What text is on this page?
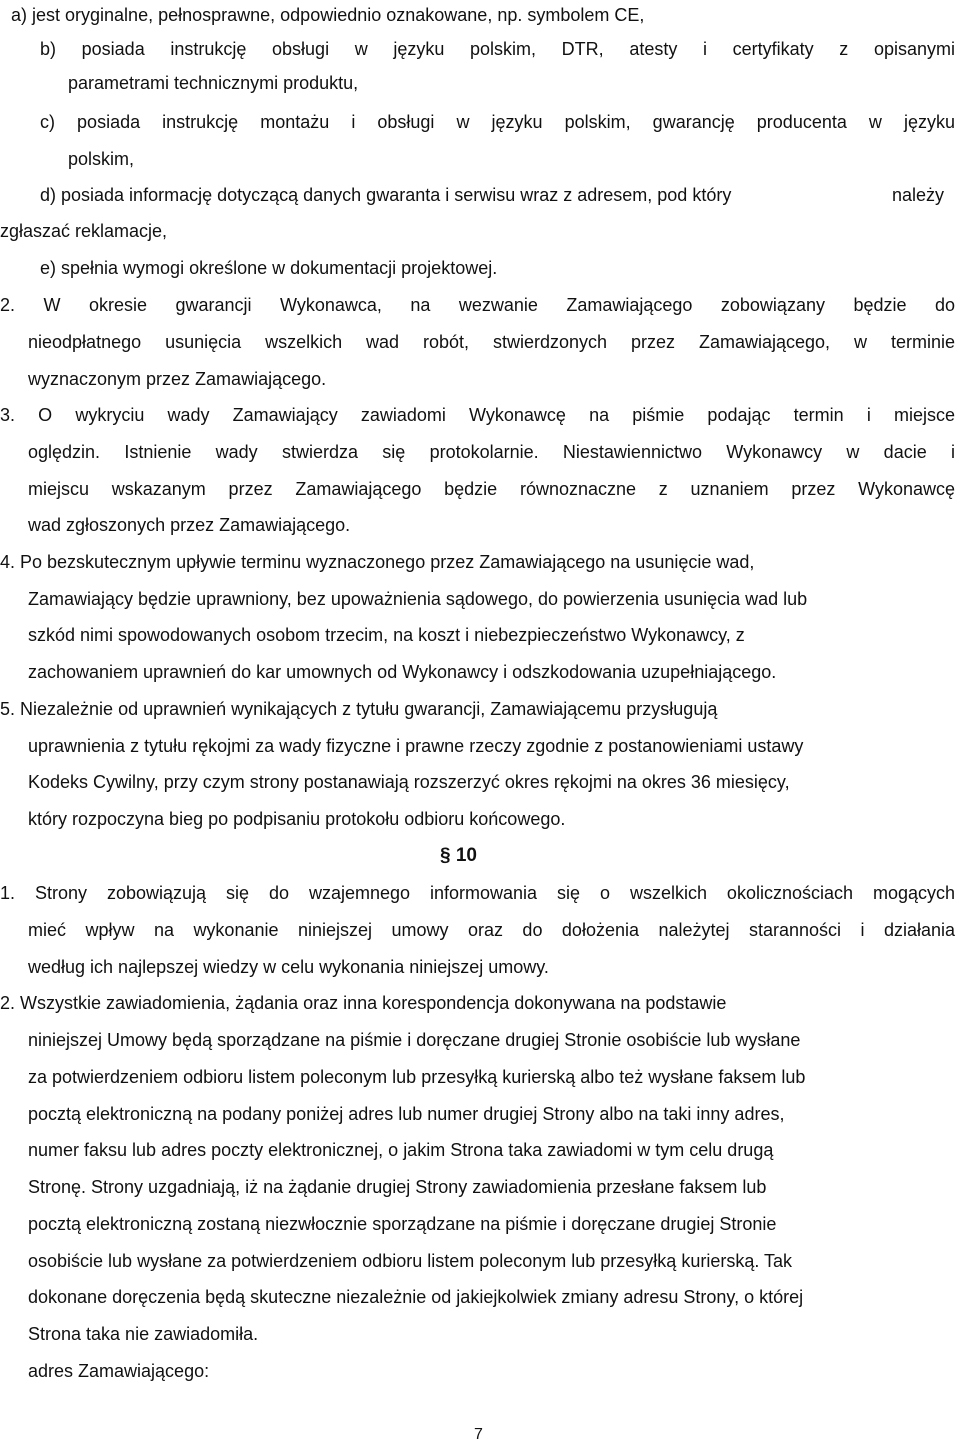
a) jest oryginalne, pełnosprawne, odpowiednio oznakowane, np. symbolem CE,
b) posiada instrukcję obsługi w języku polskim, DTR, atesty i certyfikaty z opisanymi
parametrami technicznymi produktu,
c) posiada instrukcję montażu i obsługi w języku polskim, gwarancję producenta w języku
polskim,
d) posiada informację dotyczącą danych gwaranta i serwisu wraz z adresem, pod który	należy
zgłaszać reklamacje,
e) spełnia wymogi określone w dokumentacji projektowej.
2. W okresie gwarancji Wykonawca, na wezwanie Zamawiającego zobowiązany będzie do
nieodpłatnego usunięcia wszelkich wad robót, stwierdzonych przez Zamawiającego, w terminie
wyznaczonym przez Zamawiającego.
3. O wykryciu wady Zamawiający zawiadomi Wykonawcę na piśmie podając termin i miejsce
oględzin. Istnienie wady stwierdza się protokolarnie. Niestawiennictwo Wykonawcy w dacie i
miejscu wskazanym przez Zamawiającego będzie równoznaczne z uznaniem przez Wykonawcę
wad zgłoszonych przez Zamawiającego.
4. Po bezskutecznym upływie terminu wyznaczonego przez Zamawiającego na usunięcie wad,
Zamawiający będzie uprawniony, bez upoważnienia sądowego, do powierzenia usunięcia wad lub
szkód nimi spowodowanych osobom trzecim, na koszt i niebezpieczeństwo Wykonawcy, z
zachowaniem uprawnień do kar umownych od Wykonawcy i odszkodowania uzupełniającego.
5. Niezależnie od uprawnień wynikających z tytułu gwarancji, Zamawiającemu przysługują
uprawnienia z tytułu rękojmi za wady fizyczne i prawne rzeczy zgodnie z postanowieniami ustawy
Kodeks Cywilny, przy czym strony postanawiają rozszerzyć okres rękojmi na okres 36 miesięcy,
który rozpoczyna bieg po podpisaniu protokołu odbioru końcowego.
§ 10
1. Strony zobowiązują się do wzajemnego informowania się o wszelkich okolicznościach mogących
mieć wpływ na wykonanie niniejszej umowy oraz do dołożenia należytej staranności i działania
według ich najlepszej wiedzy w celu wykonania niniejszej umowy.
2. Wszystkie zawiadomienia, żądania oraz inna korespondencja dokonywana na podstawie
niniejszej Umowy będą sporządzane na piśmie i doręczane drugiej Stronie osobiście lub wysłane
za potwierdzeniem odbioru listem poleconym lub przesyłką kurierską albo też wysłane faksem lub
pocztą elektroniczną na podany poniżej adres lub numer drugiej Strony albo na taki inny adres,
numer faksu lub adres poczty elektronicznej, o jakim Strona taka zawiadomi w tym celu drugą
Stronę. Strony uzgadniają, iż na żądanie drugiej Strony zawiadomienia przesłane faksem lub
pocztą elektroniczną zostaną niezwłocznie sporządzane na piśmie i doręczane drugiej Stronie
osobiście lub wysłane za potwierdzeniem odbioru listem poleconym lub przesyłką kurierską. Tak
dokonane doręczenia będą skuteczne niezależnie od jakiejkolwiek zmiany adresu Strony, o której
Strona taka nie zawiadomiła.
adres Zamawiającego:
7
